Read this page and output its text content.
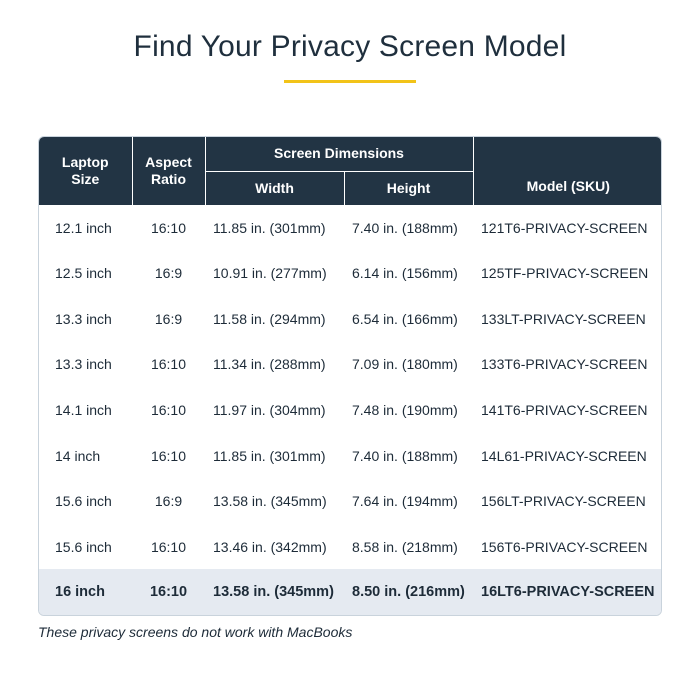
Find Your Privacy Screen Model
Laptop Size	Aspect Ratio	Screen Dimensions		Model (SKU)
		Width	Height	
12.1 inch	16:10	11.85 in. (301mm)	7.40 in. (188mm)	121T6-PRIVACY-SCREEN
12.5 inch	16:9	10.91 in. (277mm)	6.14 in. (156mm)	125TF-PRIVACY-SCREEN
13.3 inch	16:9	11.58 in. (294mm)	6.54 in. (166mm)	133LT-PRIVACY-SCREEN
13.3 inch	16:10	11.34 in. (288mm)	7.09 in. (180mm)	133T6-PRIVACY-SCREEN
14.1 inch	16:10	11.97 in. (304mm)	7.48 in. (190mm)	141T6-PRIVACY-SCREEN
14 inch	16:10	11.85 in. (301mm)	7.40 in. (188mm)	14L61-PRIVACY-SCREEN
15.6 inch	16:9	13.58 in. (345mm)	7.64 in. (194mm)	156LT-PRIVACY-SCREEN
15.6 inch	16:10	13.46 in. (342mm)	8.58 in. (218mm)	156T6-PRIVACY-SCREEN
16 inch	16:10	13.58 in. (345mm)	8.50 in. (216mm)	16LT6-PRIVACY-SCREEN
These privacy screens do not work with MacBooks
